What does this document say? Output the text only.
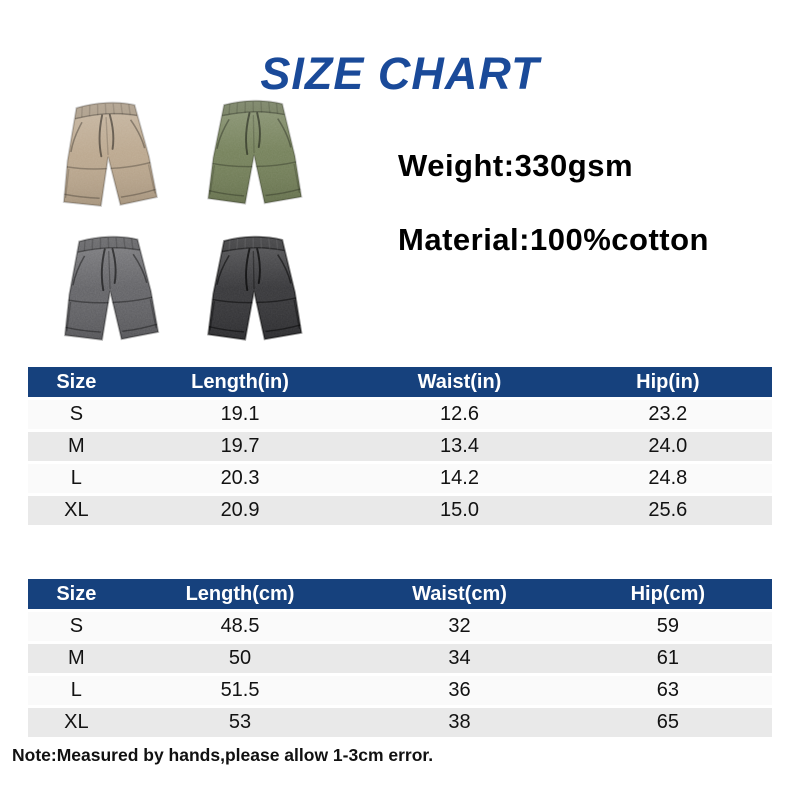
SIZE CHART
Weight:330gsm
Material:100%cotton
Size	Length(in)	Waist(in)	Hip(in)
S	19.1	12.6	23.2
M	19.7	13.4	24.0
L	20.3	14.2	24.8
XL	20.9	15.0	25.6
Size	Length(cm)	Waist(cm)	Hip(cm)
S	48.5	32	59
M	50	34	61
L	51.5	36	63
XL	53	38	65
Note:Measured by hands,please allow 1-3cm error.
